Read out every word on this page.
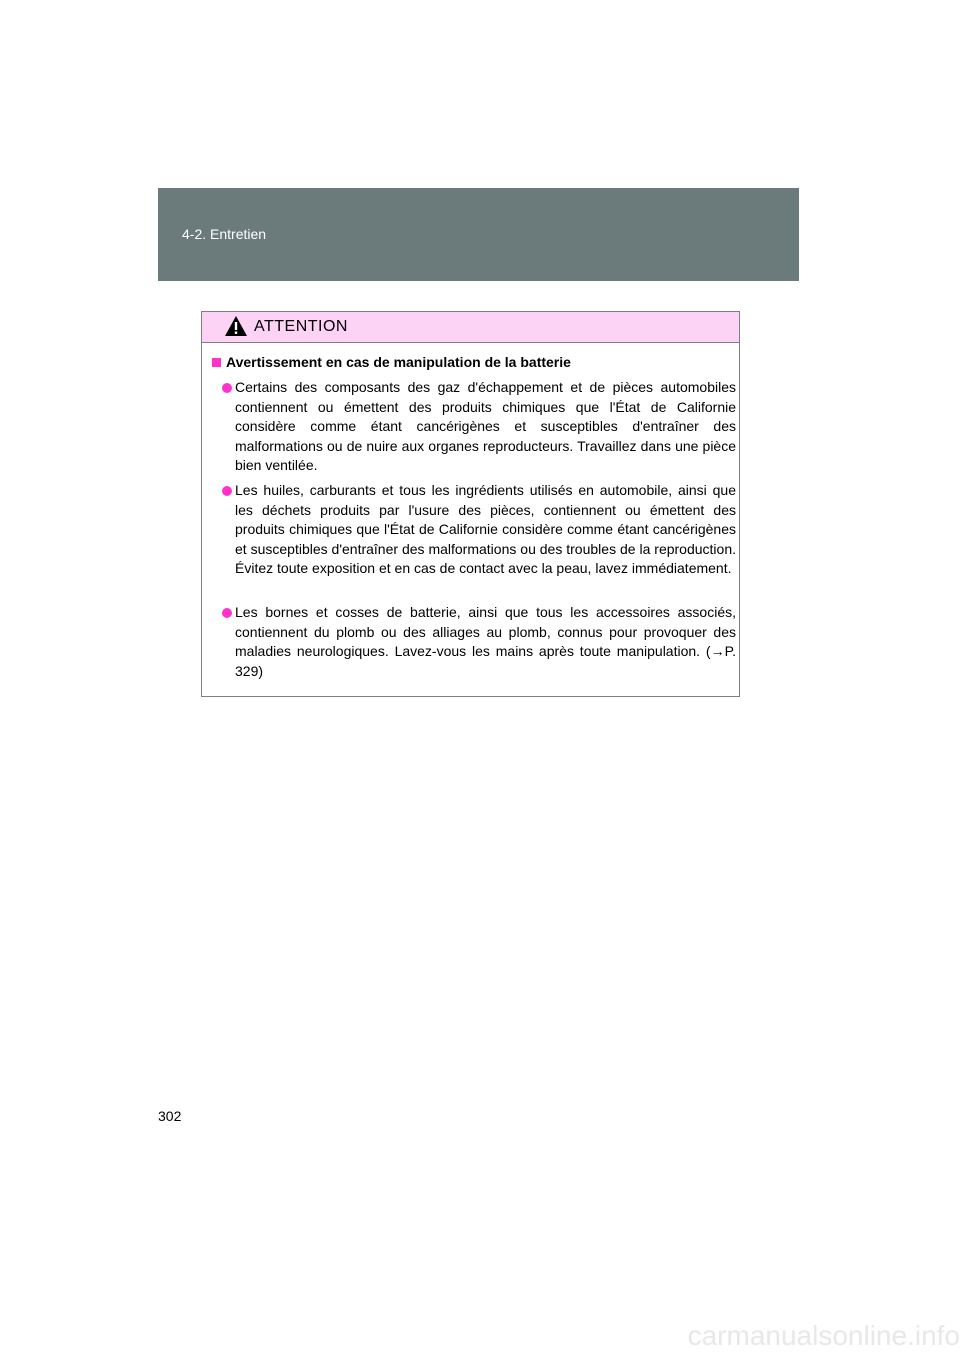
4-2. Entretien
ATTENTION
Avertissement en cas de manipulation de la batterie
Certains des composants des gaz d'échappement et de pièces automobiles contiennent ou émettent des produits chimiques que l'État de Californie considère comme étant cancérigènes et susceptibles d'entraîner des malformations ou de nuire aux organes reproducteurs. Travaillez dans une pièce bien ventilée.
Les huiles, carburants et tous les ingrédients utilisés en automobile, ainsi que les déchets produits par l'usure des pièces, contiennent ou émettent des produits chimiques que l'État de Californie considère comme étant cancérigènes et susceptibles d'entraîner des malformations ou des troubles de la reproduction. Évitez toute exposition et en cas de contact avec la peau, lavez immédiatement.
Les bornes et cosses de batterie, ainsi que tous les accessoires associés, contiennent du plomb ou des alliages au plomb, connus pour provoquer des maladies neurologiques. Lavez-vous les mains après toute manipulation. (→P. 329)
302
carmanualsonline.info
